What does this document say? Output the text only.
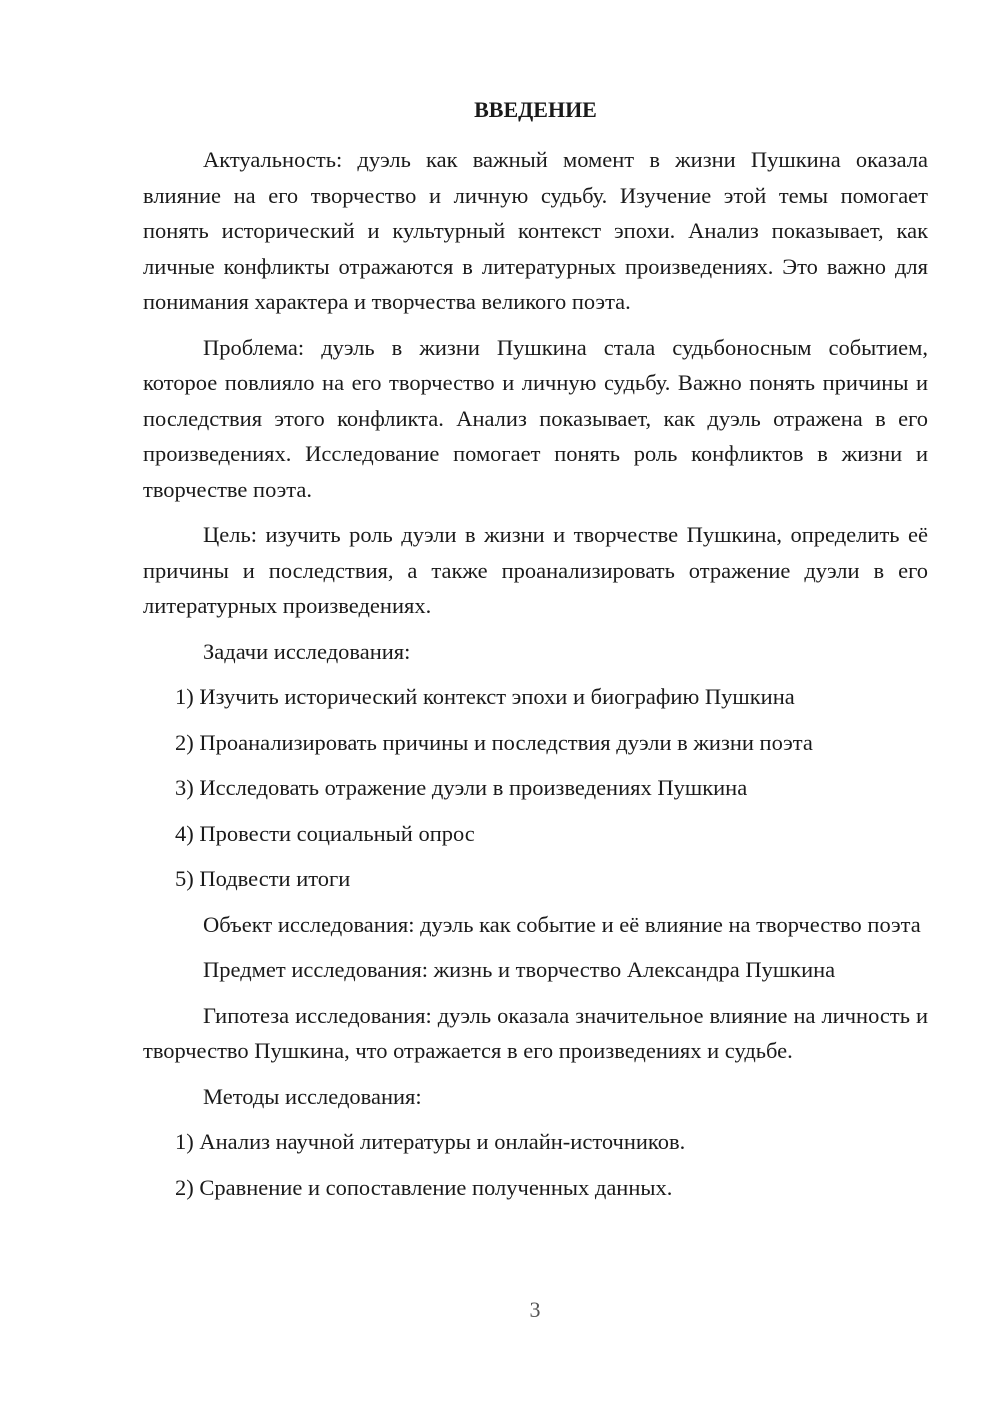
ВВЕДЕНИЕ

Актуальность: дуэль как важный момент в жизни Пушкина оказала влияние на его творчество и личную судьбу. Изучение этой темы помогает понять исторический и культурный контекст эпохи. Анализ показывает, как личные конфликты отражаются в литературных произведениях. Это важно для понимания характера и творчества великого поэта.

Проблема: дуэль в жизни Пушкина стала судьбоносным событием, которое повлияло на его творчество и личную судьбу. Важно понять причины и последствия этого конфликта. Анализ показывает, как дуэль отражена в его произведениях. Исследование помогает понять роль конфликтов в жизни и творчестве поэта.

Цель: изучить роль дуэли в жизни и творчестве Пушкина, определить её причины и последствия, а также проанализировать отражение дуэли в его литературных произведениях.

Задачи исследования:

1) Изучить исторический контекст эпохи и биографию Пушкина
2) Проанализировать причины и последствия дуэли в жизни поэта
3) Исследовать отражение дуэли в произведениях Пушкина
4) Провести социальный опрос
5) Подвести итоги

Объект исследования: дуэль как событие и её влияние на творчество поэта

Предмет исследования: жизнь и творчество Александра Пушкина

Гипотеза исследования: дуэль оказала значительное влияние на личность и творчество Пушкина, что отражается в его произведениях и судьбе.

Методы исследования:

1) Анализ научной литературы и онлайн-источников.
2) Сравнение и сопоставление полученных данных.
3
